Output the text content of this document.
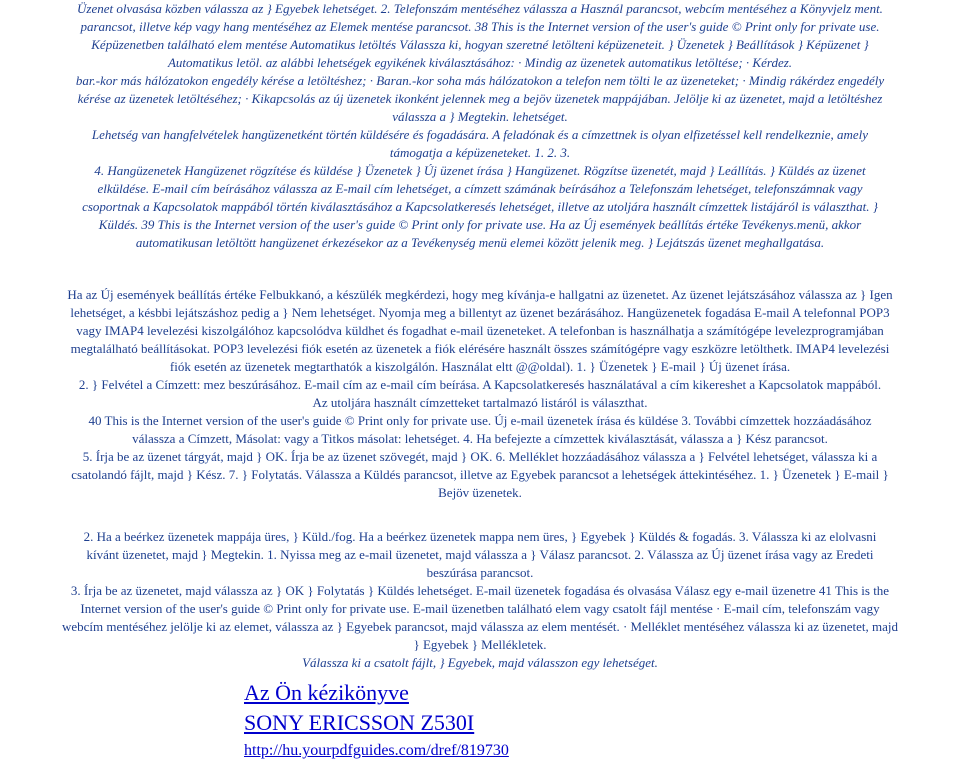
Üzenet olvasása közben válassza az } Egyebek lehetséget. 2. Telefonszám mentéséhez válassza a Használ parancsot, webcím mentéséhez a Könyvjelz ment.
parancsot, illetve kép vagy hang mentéséhez az Elemek mentése parancsot. 38 This is the Internet version of the user's guide © Print only for private use.
Képüzenetben található elem mentése Automatikus letöltés Válassza ki, hogyan szeretné letölteni képüzeneteit. } Üzenetek } Beállítások } Képüzenet }
Automatikus letöl. az alábbi lehetségek egyikének kiválasztásához: · Mindig az üzenetek automatikus letöltése; · Kérdez.
bar.-kor más hálózatokon engedély kérése a letöltéshez; · Baran.-kor soha más hálózatokon a telefon nem tölti le az üzeneteket; · Mindig rákérdez engedély
kérése az üzenetek letöltéséhez; · Kikapcsolás az új üzenetek ikonként jelennek meg a bejöv üzenetek mappájában. Jelölje ki az üzenetet, majd a letöltéshez
válassza a } Megtekin. lehetséget.
Lehetség van hangfelvételek hangüzenetként történ küldésére és fogadására. A feladónak és a címzettnek is olyan elfizetéssel kell rendelkeznie, amely
támogatja a képüzeneteket. 1. 2. 3.
4. Hangüzenetek Hangüzenet rögzítése és küldése } Üzenetek } Új üzenet írása } Hangüzenet. Rögzítse üzenetét, majd } Leállítás. } Küldés az üzenet
elküldése. E-mail cím beírásához válassza az E-mail cím lehetséget, a címzett számának beírásához a Telefonszám lehetséget, telefonszámnak vagy
csoportnak a Kapcsolatok mappából történ kiválasztásához a Kapcsolatkeresés lehetséget, illetve az utoljára használt címzettek listájáról is választhat. }
Küldés. 39 This is the Internet version of the user's guide © Print only for private use. Ha az Új események beállítás értéke Tevékenys.menü, akkor
automatikusan letöltött hangüzenet érkezésekor az a Tevékenység menü elemei között jelenik meg. } Lejátszás üzenet meghallgatása.
Ha az Új események beállítás értéke Felbukkanó, a készülék megkérdezi, hogy meg kívánja-e hallgatni az üzenetet. Az üzenet lejátszásához válassza az } Igen
lehetséget, a késbbi lejátszáshoz pedig a } Nem lehetséget. Nyomja meg a billentyt az üzenet bezárásához. Hangüzenetek fogadása E-mail A telefonnal POP3
vagy IMAP4 levelezési kiszolgálóhoz kapcsolódva küldhet és fogadhat e-mail üzeneteket. A telefonban is használhatja a számítógépe levelezprogramjában
megtalálható beállításokat. POP3 levelezési fiók esetén az üzenetek a fiók elérésére használt összes számítógépre vagy eszközre letölthetk. IMAP4 levelezési
fiók esetén az üzenetek megtarthatók a kiszolgálón. Használat eltt @@oldal). 1. } Üzenetek } E-mail } Új üzenet írása.
2. } Felvétel a Címzett: mez beszúrásához. E-mail cím az e-mail cím beírása. A Kapcsolatkeresés használatával a cím kikereshet a Kapcsolatok mappából.
Az utoljára használt címzetteket tartalmazó listáról is választhat.
40 This is the Internet version of the user's guide © Print only for private use. Új e-mail üzenetek írása és küldése 3. További címzettek hozzáadásához
válassza a Címzett, Másolat: vagy a Titkos másolat: lehetséget. 4. Ha befejezte a címzettek kiválasztását, válassza a } Kész parancsot.
5. Írja be az üzenet tárgyát, majd } OK. Írja be az üzenet szövegét, majd } OK. 6. Melléklet hozzáadásához válassza a } Felvétel lehetséget, válassza ki a
csatolandó fájlt, majd } Kész. 7. } Folytatás. Válassza a Küldés parancsot, illetve az Egyebek parancsot a lehetségek áttekintéséhez. 1. } Üzenetek } E-mail }
Bejöv üzenetek.
2. Ha a beérkez üzenetek mappája üres, } Küld./fog. Ha a beérkez üzenetek mappa nem üres, } Egyebek } Küldés & fogadás. 3. Válassza ki az elolvasni
kívánt üzenetet, majd } Megtekin. 1. Nyissa meg az e-mail üzenetet, majd válassza a } Válasz parancsot. 2. Válassza az Új üzenet írása vagy az Eredeti
beszúrása parancsot.
3. Írja be az üzenetet, majd válassza az } OK } Folytatás } Küldés lehetséget. E-mail üzenetek fogadása és olvasása Válasz egy e-mail üzenetre 41 This is the
Internet version of the user's guide © Print only for private use. E-mail üzenetben található elem vagy csatolt fájl mentése · E-mail cím, telefonszám vagy
webcím mentéséhez jelölje ki az elemet, válassza az } Egyebek parancsot, majd válassza az elem mentését. · Melléklet mentéséhez válassza ki az üzenetet, majd
} Egyebek } Mellékletek.
Válassza ki a csatolt fájlt, } Egyebek, majd válasszon egy lehetséget.
Az Ön kézikönyve
SONY ERICSSON Z530I
http://hu.yourpdfguides.com/dref/819730
